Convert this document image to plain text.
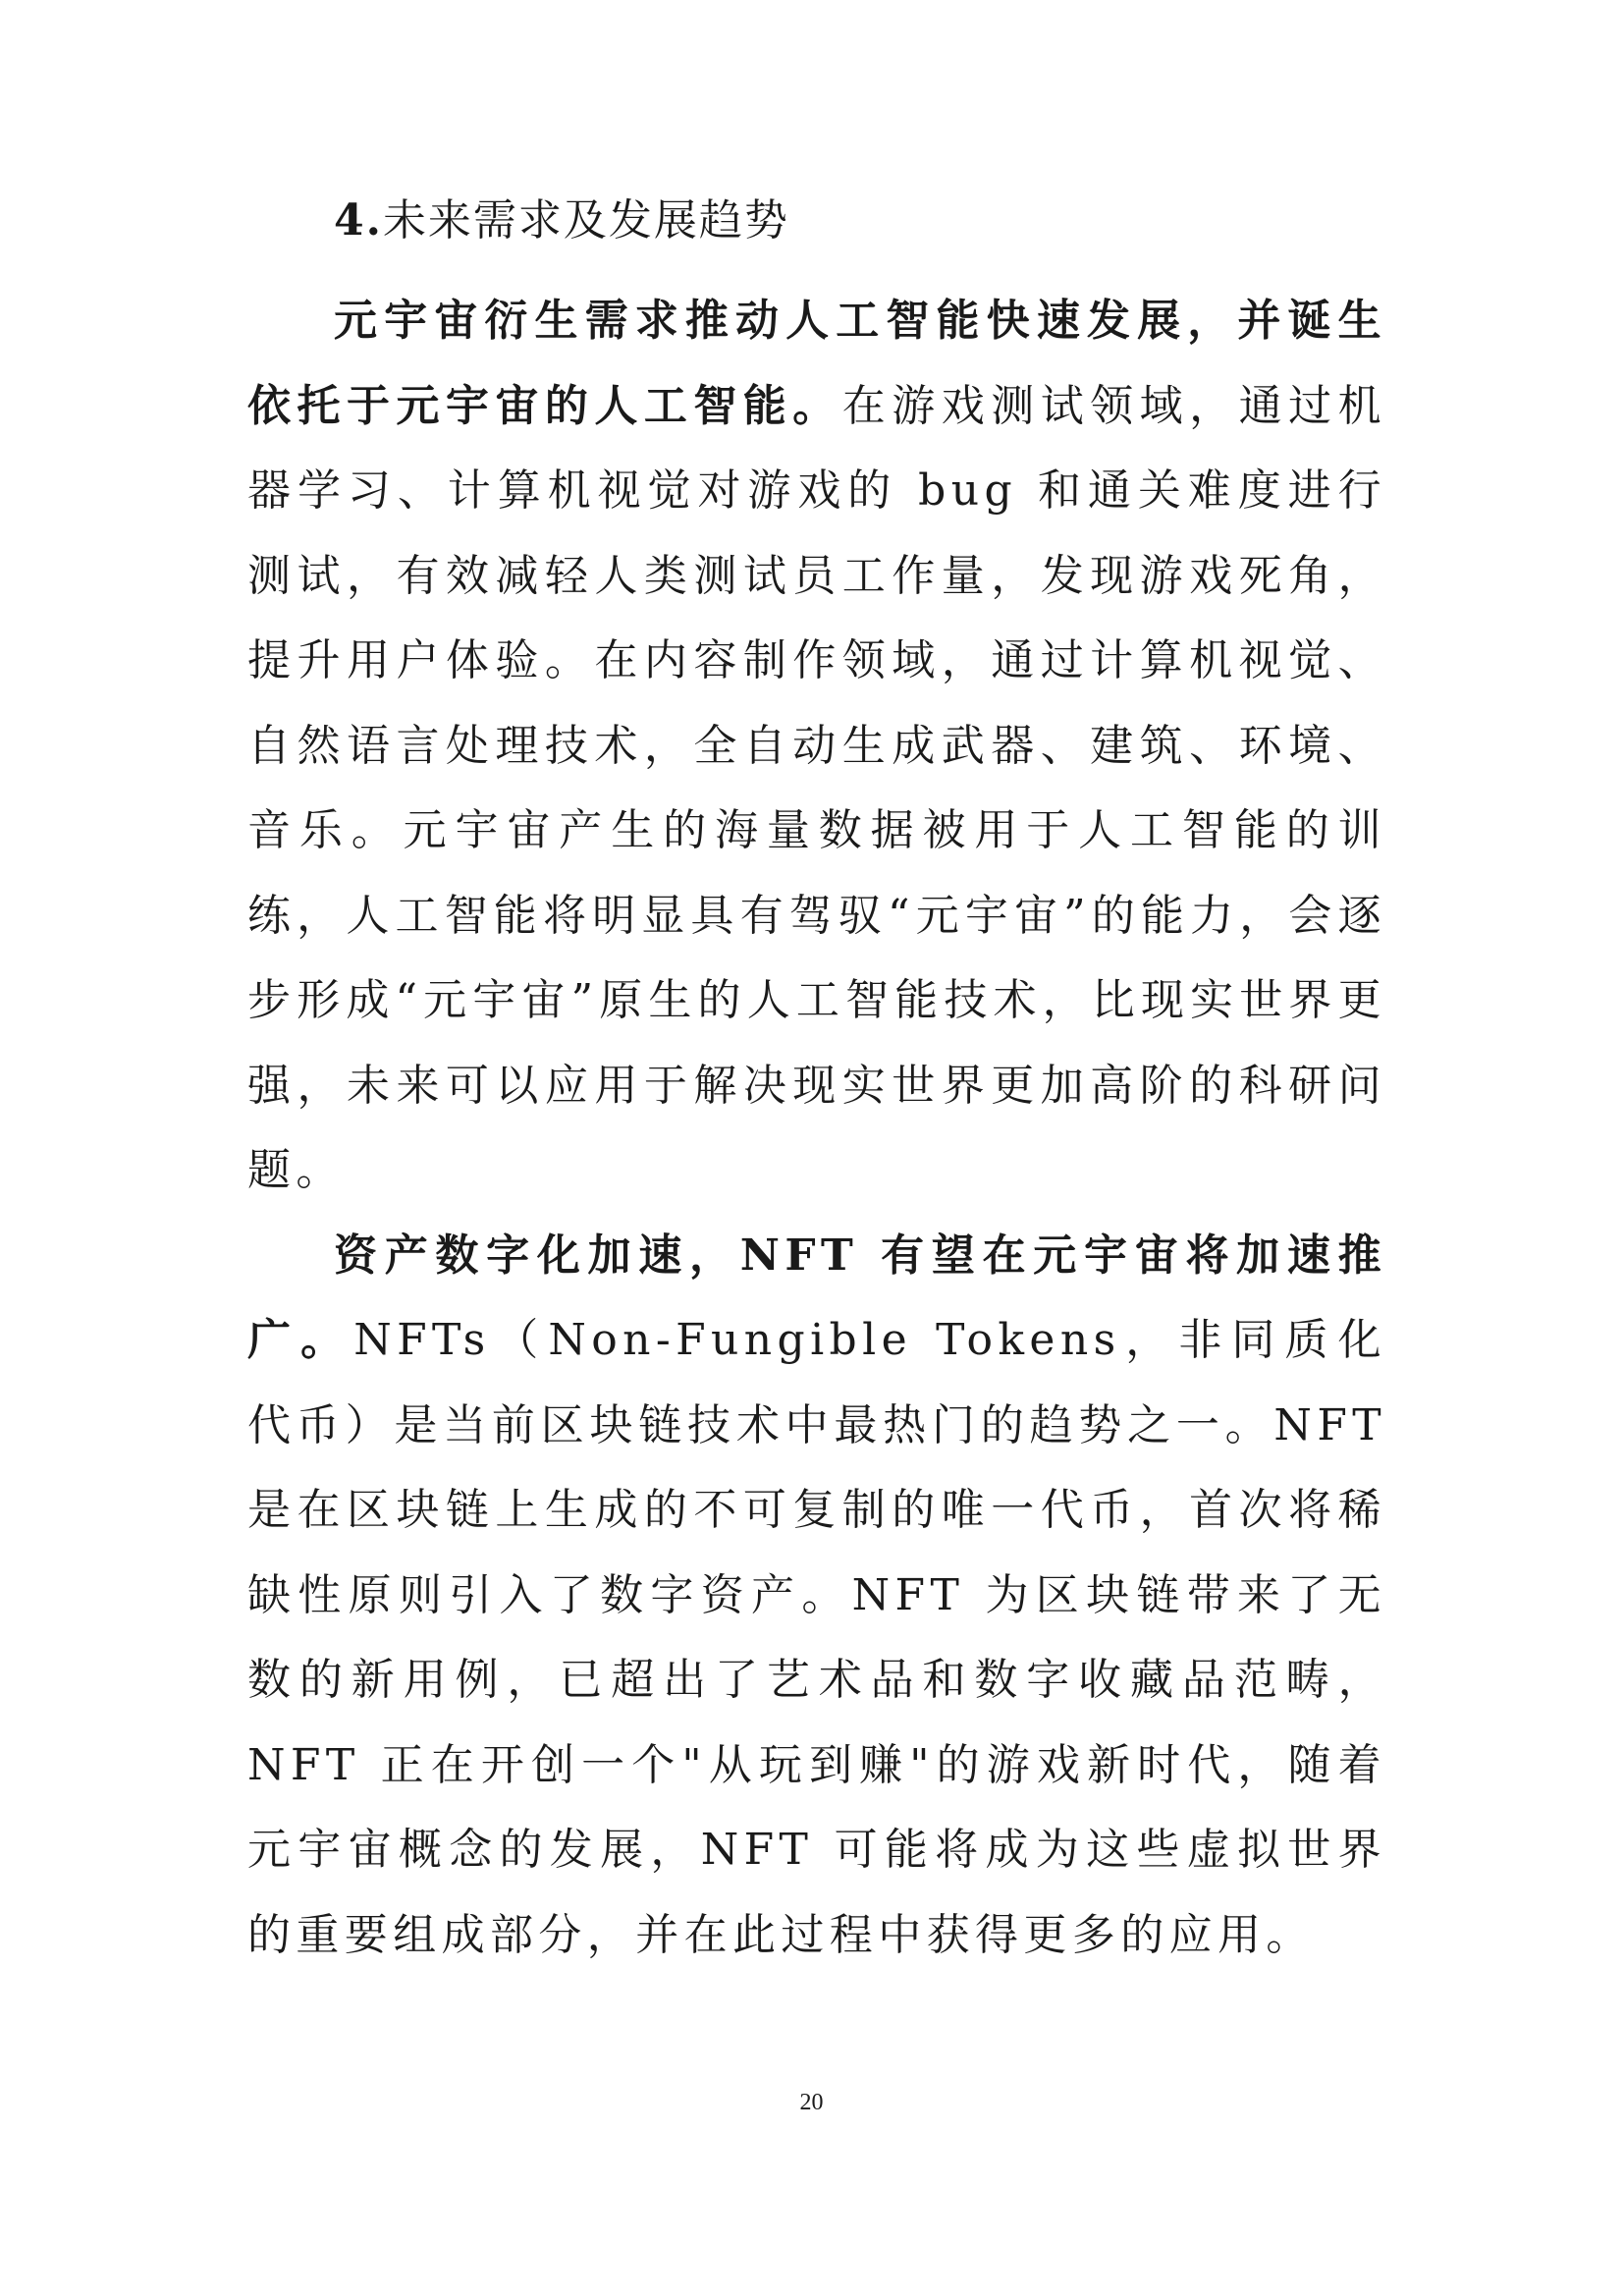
4.未来需求及发展趋势

元宇宙衍生需求推动人工智能快速发展，并诞生依托于元宇宙的人工智能。在游戏测试领域，通过机器学习、计算机视觉对游戏的 bug 和通关难度进行测试，有效减轻人类测试员工作量，发现游戏死角，提升用户体验。在内容制作领域，通过计算机视觉、自然语言处理技术，全自动生成武器、建筑、环境、音乐。元宇宙产生的海量数据被用于人工智能的训练，人工智能将明显具有驾驭“元宇宙”的能力，会逐步形成“元宇宙”原生的人工智能技术，比现实世界更强，未来可以应用于解决现实世界更加高阶的科研问题。

资产数字化加速，NFT 有望在元宇宙将加速推广。NFTs（Non-Fungible Tokens，非同质化代币）是当前区块链技术中最热门的趋势之一。NFT 是在区块链上生成的不可复制的唯一代币，首次将稀缺性原则引入了数字资产。NFT 为区块链带来了无数的新用例，已超出了艺术品和数字收藏品范畴，NFT 正在开创一个"从玩到赚"的游戏新时代，随着元宇宙概念的发展，NFT 可能将成为这些虚拟世界的重要组成部分，并在此过程中获得更多的应用。

20
